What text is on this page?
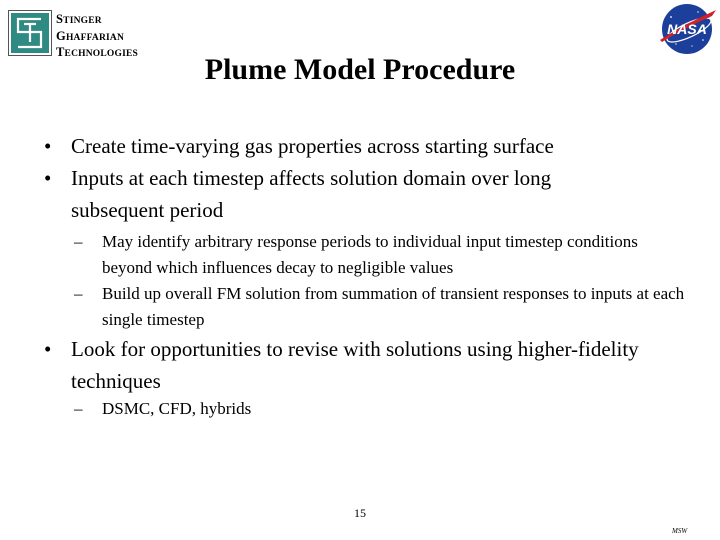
STINGER
GHAFFARIAN
TECHNOLOGIES
NASA
Plume Model Procedure
• Create time-varying gas properties across starting surface
• Inputs at each timestep affects solution domain over long subsequent period
– May identify arbitrary response periods to individual input timestep conditions beyond which influences decay to negligible values
– Build up overall FM solution from summation of transient responses to inputs at each single timestep
• Look for opportunities to revise with solutions using higher-fidelity techniques
– DSMC, CFD, hybrids
15
MSW
